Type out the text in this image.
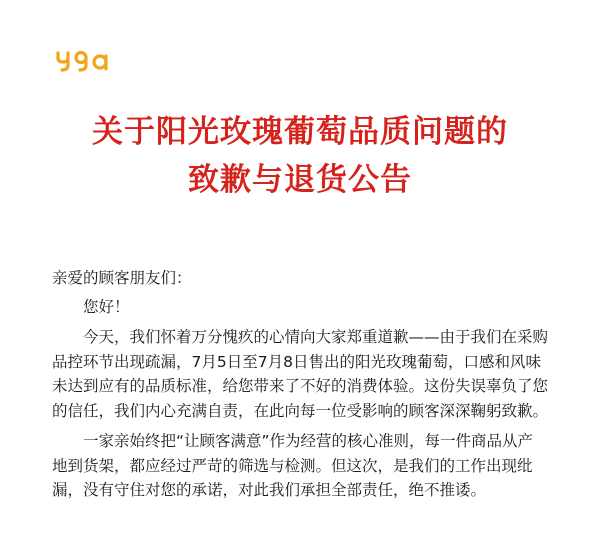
关于阳光玫瑰葡萄品质问题的
致歉与退货公告

亲爱的顾客朋友们：

您好！

今天，我们怀着万分愧疚的心情向大家郑重道歉——由于我们在采购品控环节出现疏漏，7月5日至7月8日售出的阳光玫瑰葡萄，口感和风味未达到应有的品质标准，给您带来了不好的消费体验。这份失误辜负了您的信任，我们内心充满自责，在此向每一位受影响的顾客深深鞠躬致歉。

一家亲始终把“让顾客满意”作为经营的核心准则，每一件商品从产地到货架，都应经过严苛的筛选与检测。但这次，是我们的工作出现纰漏，没有守住对您的承诺，对此我们承担全部责任，绝不推诿。
